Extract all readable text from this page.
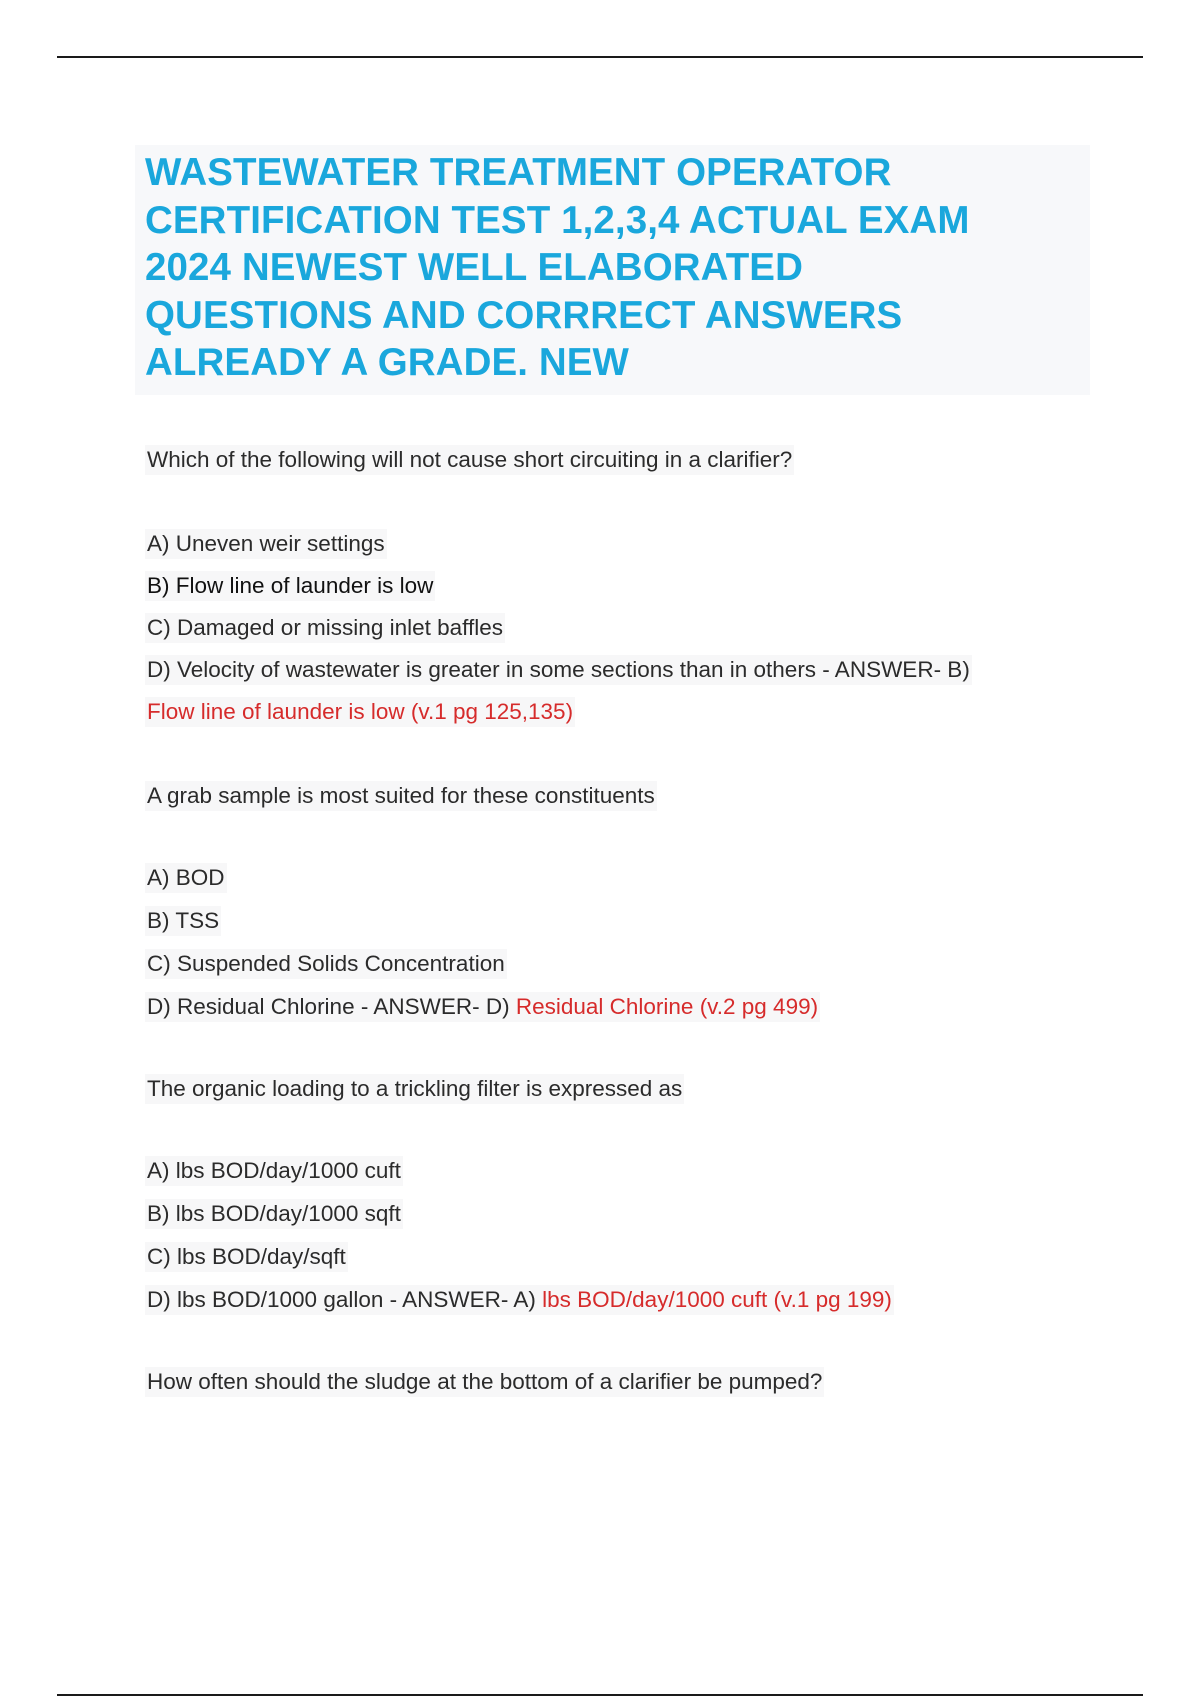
WASTEWATER TREATMENT OPERATOR
CERTIFICATION TEST 1,2,3,4 ACTUAL EXAM
2024 NEWEST WELL ELABORATED
QUESTIONS AND CORRRECT ANSWERS
ALREADY A GRADE. NEW
Which of the following will not cause short circuiting in a clarifier?
A) Uneven weir settings
B) Flow line of launder is low
C) Damaged or missing inlet baffles
D) Velocity of wastewater is greater in some sections than in others - ANSWER- B)
Flow line of launder is low (v.1 pg 125,135)
A grab sample is most suited for these constituents
A) BOD
B) TSS
C) Suspended Solids Concentration
D) Residual Chlorine - ANSWER- D) Residual Chlorine (v.2 pg 499)
The organic loading to a trickling filter is expressed as
A) lbs BOD/day/1000 cuft
B) lbs BOD/day/1000 sqft
C) lbs BOD/day/sqft
D) lbs BOD/1000 gallon - ANSWER- A) lbs BOD/day/1000 cuft (v.1 pg 199)
How often should the sludge at the bottom of a clarifier be pumped?
